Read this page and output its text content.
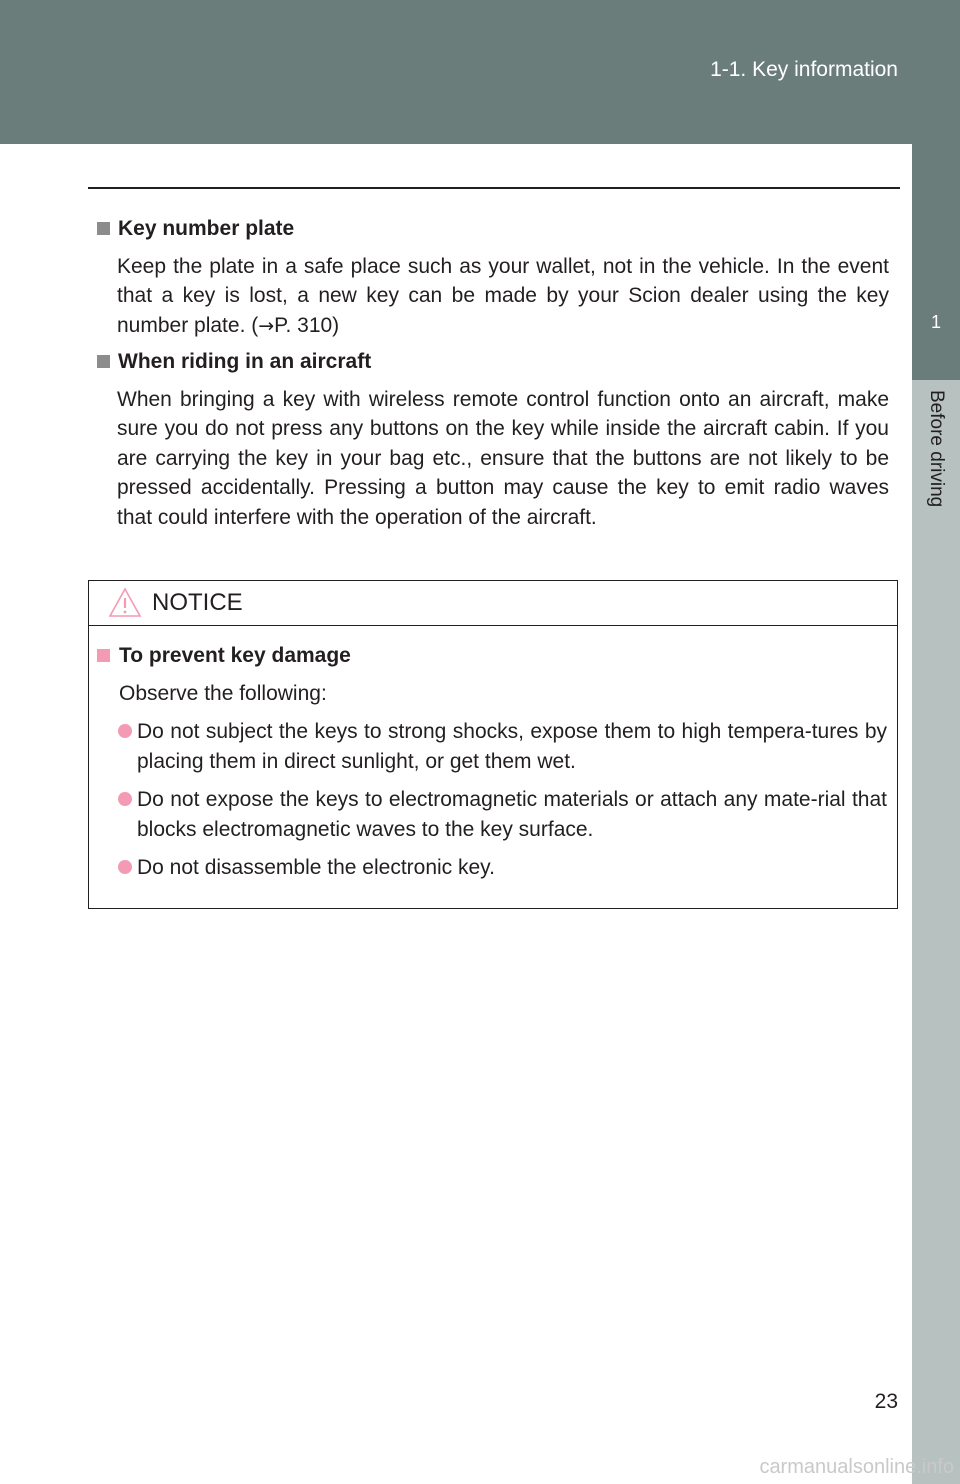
1-1. Key information
1
Before driving
Key number plate
Keep the plate in a safe place such as your wallet, not in the vehicle. In the event that a key is lost, a new key can be made by your Scion dealer using the key number plate. (→P. 310)
When riding in an aircraft
When bringing a key with wireless remote control function onto an aircraft, make sure you do not press any buttons on the key while inside the aircraft cabin. If you are carrying the key in your bag etc., ensure that the buttons are not likely to be pressed accidentally. Pressing a button may cause the key to emit radio waves that could interfere with the operation of the aircraft.
NOTICE
To prevent key damage
Observe the following:
Do not subject the keys to strong shocks, expose them to high tempera-tures by placing them in direct sunlight, or get them wet.
Do not expose the keys to electromagnetic materials or attach any mate-rial that blocks electromagnetic waves to the key surface.
Do not disassemble the electronic key.
23
carmanualsonline.info
